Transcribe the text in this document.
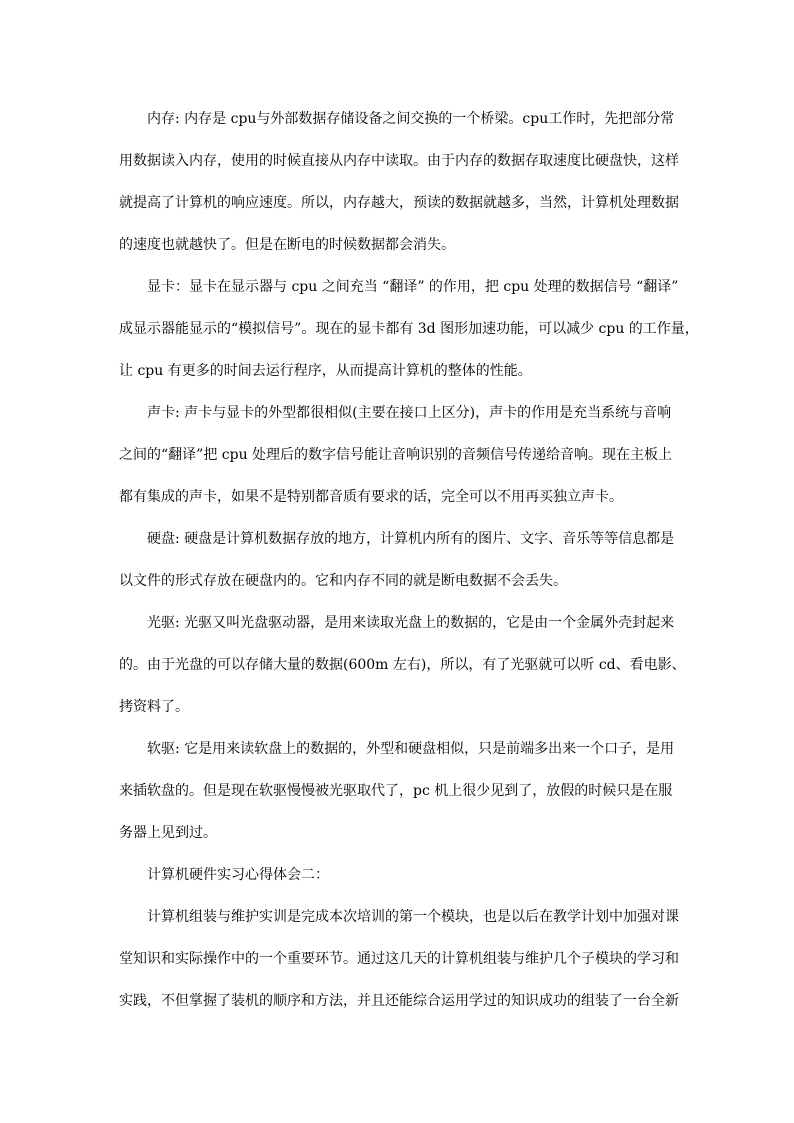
内存: 内存是 cpu与外部数据存储设备之间交换的一个桥梁。cpu工作时，先把部分常
用数据读入内存，使用的时候直接从内存中读取。由于内存的数据存取速度比硬盘快，这样
就提高了计算机的响应速度。所以，内存越大，预读的数据就越多，当然，计算机处理数据
的速度也就越快了。但是在断电的时候数据都会消失。
显卡：显卡在显示器与 cpu 之间充当 “翻译” 的作用，把 cpu 处理的数据信号 “翻译”
成显示器能显示的“模拟信号”。现在的显卡都有 3d 图形加速功能，可以减少 cpu 的工作量，
让 cpu 有更多的时间去运行程序，从而提高计算机的整体的性能。
声卡: 声卡与显卡的外型都很相似(主要在接口上区分)，声卡的作用是充当系统与音响
之间的“翻译”把 cpu 处理后的数字信号能让音响识别的音频信号传递给音响。现在主板上
都有集成的声卡，如果不是特别都音质有要求的话，完全可以不用再买独立声卡。
硬盘: 硬盘是计算机数据存放的地方，计算机内所有的图片、文字、音乐等等信息都是
以文件的形式存放在硬盘内的。它和内存不同的就是断电数据不会丢失。
光驱: 光驱又叫光盘驱动器，是用来读取光盘上的数据的，它是由一个金属外壳封起来
的。由于光盘的可以存储大量的数据(600m 左右)，所以，有了光驱就可以听 cd、看电影、
拷资料了。
软驱: 它是用来读软盘上的数据的，外型和硬盘相似，只是前端多出来一个口子，是用
来插软盘的。但是现在软驱慢慢被光驱取代了，pc 机上很少见到了，放假的时候只是在服
务器上见到过。
计算机硬件实习心得体会二：
计算机组装与维护实训是完成本次培训的第一个模块，也是以后在教学计划中加强对课
堂知识和实际操作中的一个重要环节。通过这几天的计算机组装与维护几个子模块的学习和
实践，不但掌握了装机的顺序和方法，并且还能综合运用学过的知识成功的组装了一台全新
